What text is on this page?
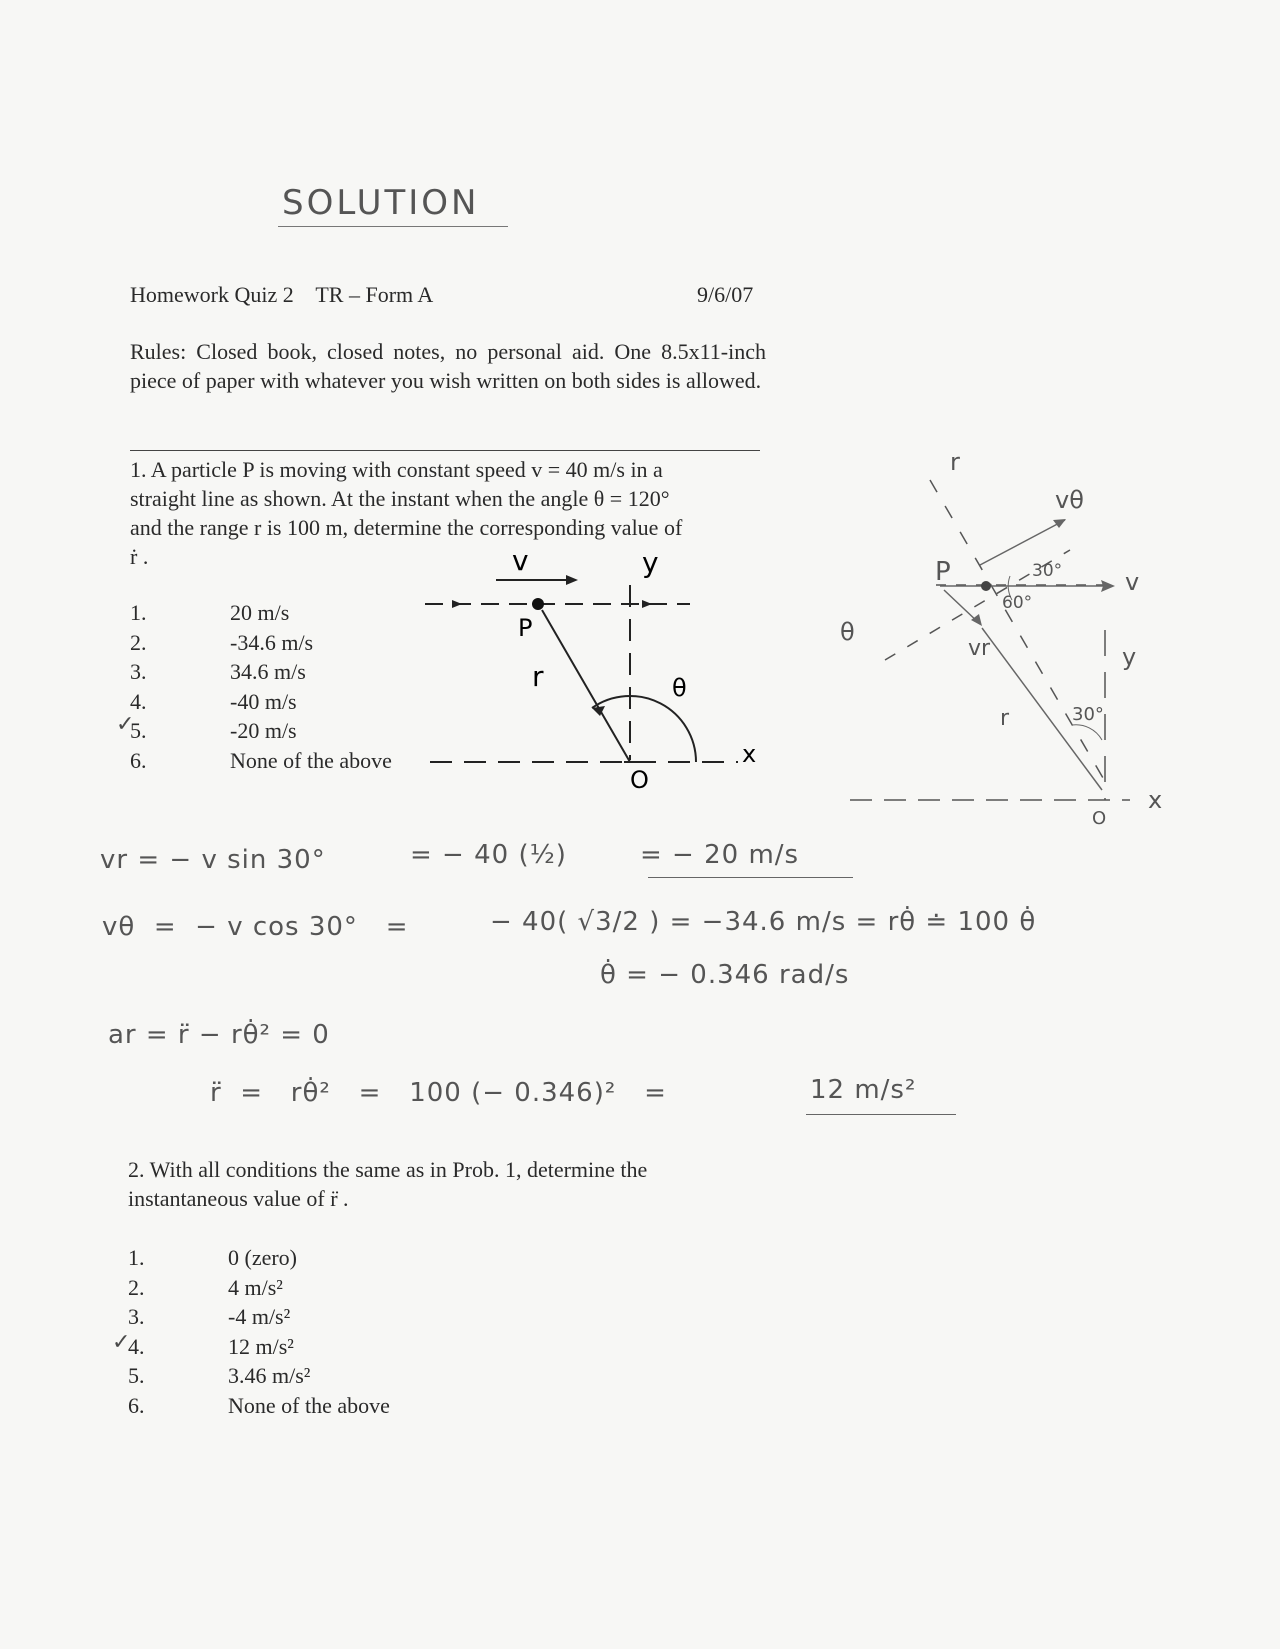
SOLUTION
Homework Quiz 2    TR – Form A	9/6/07
Rules: Closed book, closed notes, no personal aid. One 8.5x11-inch piece of paper with whatever you wish written on both sides is allowed.
1. A particle P is moving with constant speed v = 40 m/s in a
straight line as shown. At the instant when the angle θ = 120°
and the range r is 100 m, determine the corresponding value of
ṙ .
1.	20 m/s
2.	-34.6 m/s
3.	34.6 m/s
4.	-40 m/s
5.	-20 m/s
6.	None of the above
✓
v	y
P
r	θ
x
O
r
vθ
P	30°	v
60°
θ
vr	y
r	30°
x
O
vr = − v sin 30°	= − 40 (½)	= − 20 m/s
vθ  =  − v cos 30°   =	− 40( √3/2 ) = −34.6 m/s = rθ̇ ≐ 100 θ̇
θ̇ = − 0.346 rad/s
ar = r̈ − rθ̇² = 0
r̈  =   rθ̇²   =   100 (− 0.346)²   =	12 m/s²
2. With all conditions the same as in Prob. 1, determine the
instantaneous value of r̈ .
1.	0 (zero)
2.	4 m/s²
3.	-4 m/s²
4.	12 m/s²
5.	3.46 m/s²
6.	None of the above
✓
